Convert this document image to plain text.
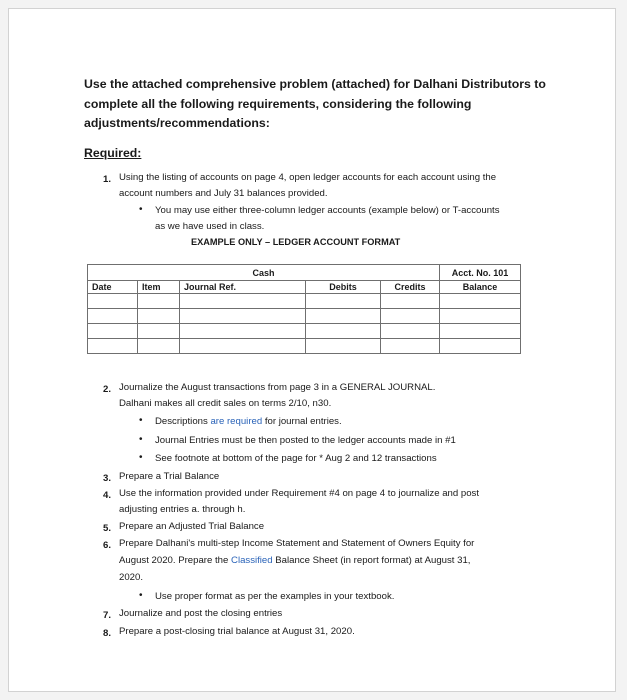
Use the attached comprehensive problem (attached) for Dalhani Distributors to complete all the following requirements, considering the following adjustments/recommendations:
Required:
1. Using the listing of accounts on page 4, open ledger accounts for each account using the
account numbers and July 31 balances provided.
• You may use either three-column ledger accounts (example below) or T-accounts
as we have used in class.
EXAMPLE ONLY – LEDGER ACCOUNT FORMAT
Cash					Acct. No. 101
Date	Item	Journal Ref.	Debits	Credits	Balance

2. Journalize the August transactions from page 3 in a GENERAL JOURNAL.
Dalhani makes all credit sales on terms 2/10, n30.
• Descriptions are required for journal entries.
• Journal Entries must be then posted to the ledger accounts made in #1
• See footnote at bottom of the page for * Aug 2 and 12 transactions
3. Prepare a Trial Balance
4. Use the information provided under Requirement #4 on page 4 to journalize and post
adjusting entries a. through h.
5. Prepare an Adjusted Trial Balance
6. Prepare Dalhani's multi-step Income Statement and Statement of Owners Equity for
August 2020. Prepare the Classified Balance Sheet (in report format) at August 31,
2020.
• Use proper format as per the examples in your textbook.
7. Journalize and post the closing entries
8. Prepare a post-closing trial balance at August 31, 2020.
